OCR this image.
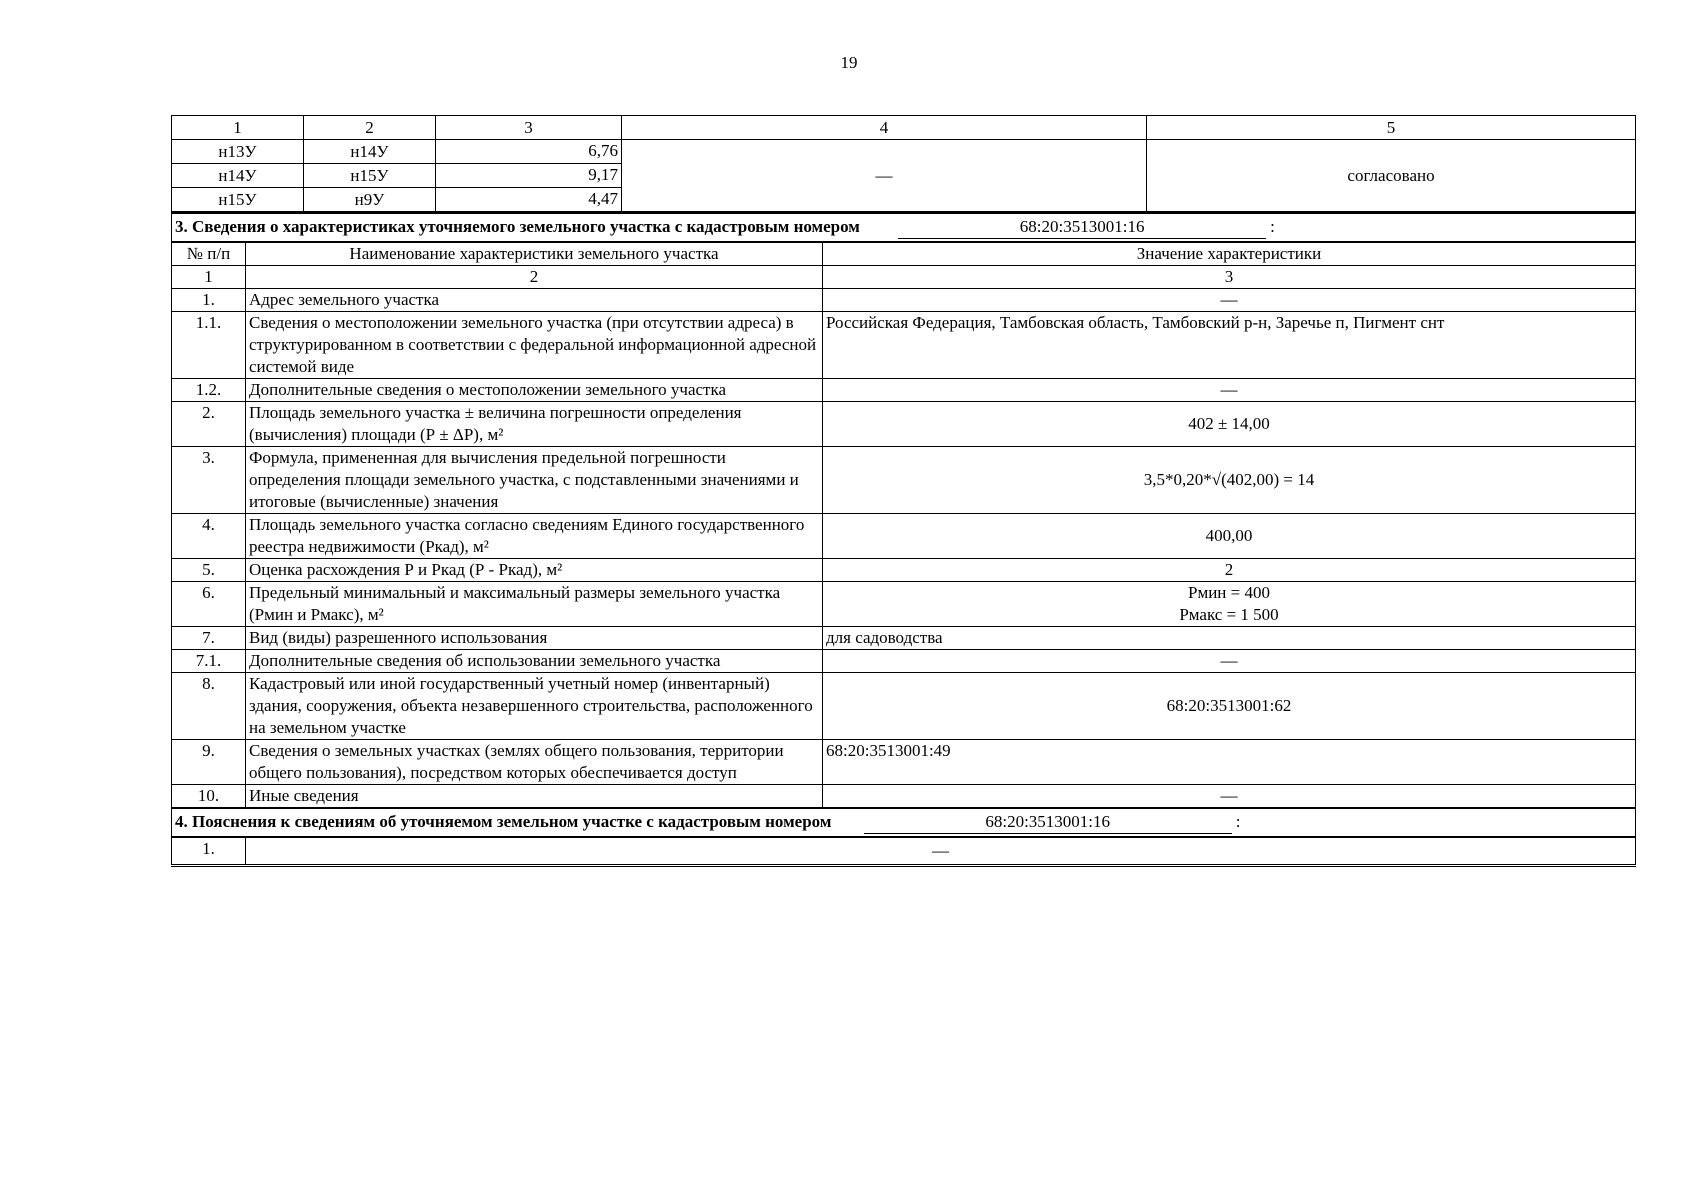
19
1	2	3	4	5
н13У	н14У	6,76	—	согласовано
н14У	н15У	9,17		
н15У	н9У	4,47		
3. Сведения о характеристиках уточняемого земельного участка с кадастровым номером 68:20:3513001:16 :		
№ п/п	Наименование характеристики земельного участка	Значение характеристики
1	2	3
1.	Адрес земельного участка	—
1.1.	Сведения о местоположении земельного участка (при отсутствии адреса) в структурированном в соответствии с федеральной информационной адресной системой виде	Российская Федерация, Тамбовская область, Тамбовский р-н, Заречье п, Пигмент снт
1.2.	Дополнительные сведения о местоположении земельного участка	—
2.	Площадь земельного участка ± величина погрешности определения (вычисления) площади (Р ± ΔР), м²	402 ± 14,00
3.	Формула, примененная для вычисления предельной погрешности определения площади земельного участка, с подставленными значениями и итоговые (вычисленные) значения	3,5*0,20*√(402,00) = 14
4.	Площадь земельного участка согласно сведениям Единого государственного реестра недвижимости (Ркад), м²	400,00
5.	Оценка расхождения Р и Ркад (Р - Ркад), м²	2
6.	Предельный минимальный и максимальный размеры земельного участка (Рмин и Рмакс), м²	Рмин = 400
Рмакс = 1 500

7.	Вид (виды) разрешенного использования	для садоводства
7.1.	Дополнительные сведения об использовании земельного участка	—
8.	Кадастровый или иной государственный учетный номер (инвентарный) здания, сооружения, объекта незавершенного строительства, расположенного на земельном участке	68:20:3513001:62
9.	Сведения о земельных участках (землях общего пользования, территории общего пользования), посредством которых обеспечивается доступ	68:20:3513001:49
10.	Иные сведения	—
4. Пояснения к сведениям об уточняемом земельном участке с кадастровым номером 68:20:3513001:16 :		
1.	—	
